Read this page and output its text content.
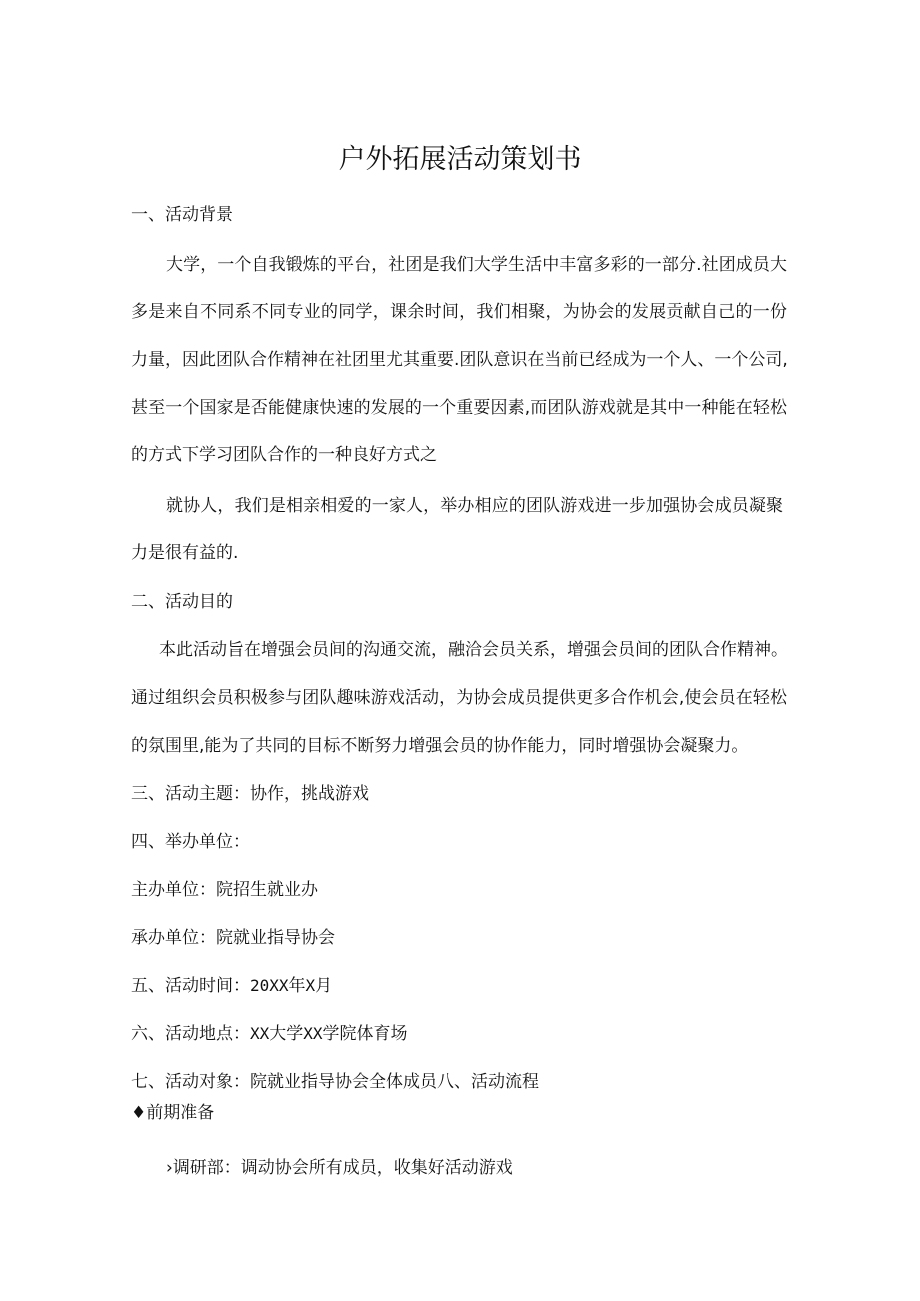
户外拓展活动策划书
一、活动背景
大学，一个自我锻炼的平台，社团是我们大学生活中丰富多彩的一部分.社团成员大
多是来自不同系不同专业的同学，课余时间，我们相聚，为协会的发展贡献自己的一份
力量，因此团队合作精神在社团里尤其重要.团队意识在当前已经成为一个人、一个公司,
甚至一个国家是否能健康快速的发展的一个重要因素,而团队游戏就是其中一种能在轻松
的方式下学习团队合作的一种良好方式之
就协人，我们是相亲相爱的一家人，举办相应的团队游戏进一步加强协会成员凝聚
力是很有益的.
二、活动目的
本此活动旨在增强会员间的沟通交流，融洽会员关系，增强会员间的团队合作精神。
通过组织会员积极参与团队趣味游戏活动，为协会成员提供更多合作机会,使会员在轻松
的氛围里,能为了共同的目标不断努力增强会员的协作能力，同时增强协会凝聚力。
三、活动主题：协作，挑战游戏
四、举办单位：
主办单位：院招生就业办
承办单位：院就业指导协会
五、活动时间：20XX年X月
六、活动地点：XX大学XX学院体育场
七、活动对象：院就业指导协会全体成员八、活动流程
♦前期准备
›调研部：调动协会所有成员，收集好活动游戏
